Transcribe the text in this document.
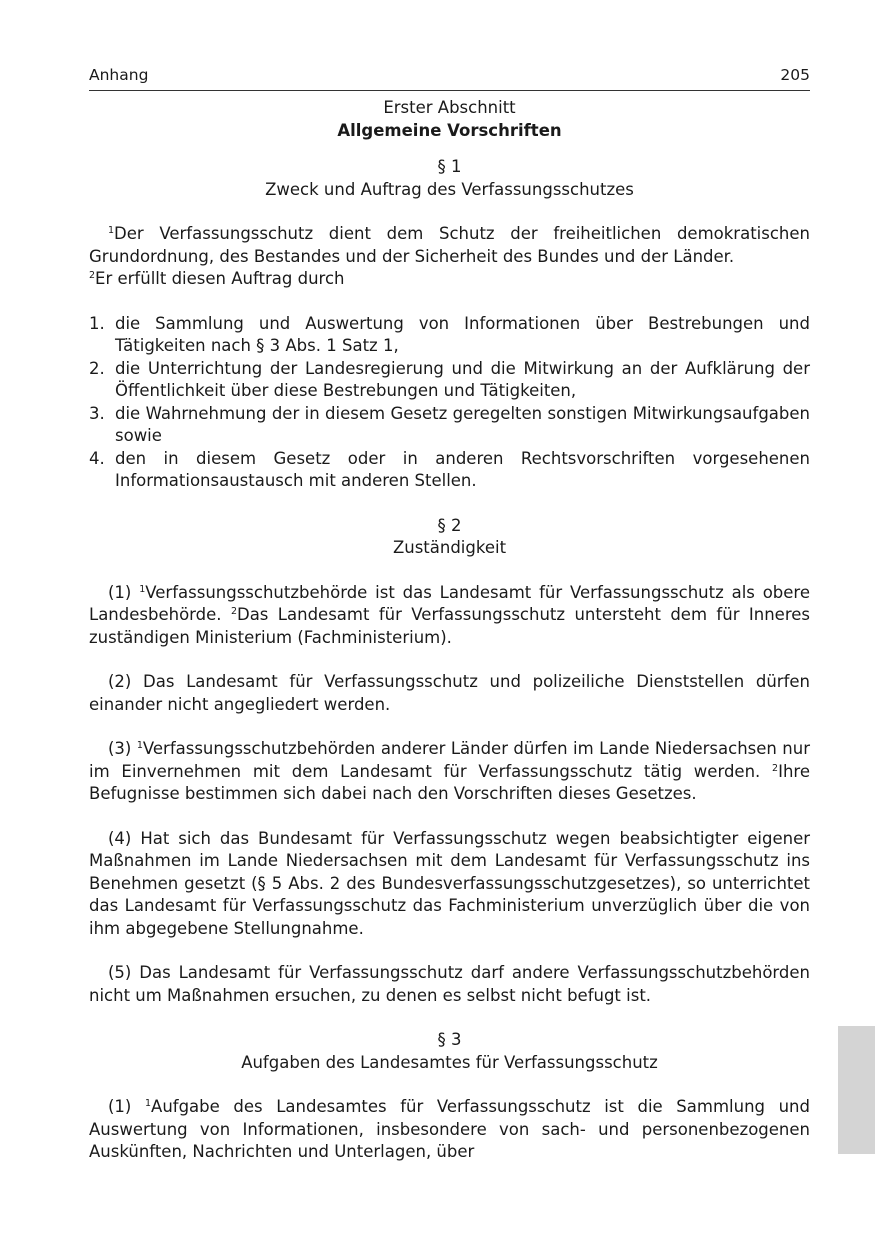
Anhang	205

Erster Abschnitt

Allgemeine Vorschriften

§ 1

Zweck und Auftrag des Verfassungsschutzes

$^1$Der Verfassungsschutz dient dem Schutz der freiheitlichen demokratischen Grundordnung, des Bestandes und der Sicherheit des Bundes und der Länder.

$^2$Er erfüllt diesen Auftrag durch

1. die Sammlung und Auswertung von Informationen über Bestrebungen und Tätigkeiten nach § 3 Abs. 1 Satz 1,
2. die Unterrichtung der Landesregierung und die Mitwirkung an der Aufklärung der Öffentlichkeit über diese Bestrebungen und Tätigkeiten,
3. die Wahrnehmung der in diesem Gesetz geregelten sonstigen Mitwirkungsaufgaben sowie
4. den in diesem Gesetz oder in anderen Rechtsvorschriften vorgesehenen Informationsaustausch mit anderen Stellen.

§ 2

Zuständigkeit

(1) $^1$Verfassungsschutzbehörde ist das Landesamt für Verfassungsschutz als obere Landesbehörde. $^2$Das Landesamt für Verfassungsschutz untersteht dem für Inneres zuständigen Ministerium (Fachministerium).

(2) Das Landesamt für Verfassungsschutz und polizeiliche Dienststellen dürfen einander nicht angegliedert werden.

(3) $^1$Verfassungsschutzbehörden anderer Länder dürfen im Lande Niedersachsen nur im Einvernehmen mit dem Landesamt für Verfassungsschutz tätig werden. $^2$Ihre Befugnisse bestimmen sich dabei nach den Vorschriften dieses Gesetzes.

(4) Hat sich das Bundesamt für Verfassungsschutz wegen beabsichtigter eigener Maßnahmen im Lande Niedersachsen mit dem Landesamt für Verfassungsschutz ins Benehmen gesetzt (§ 5 Abs. 2 des Bundesverfassungsschutzgesetzes), so unterrichtet das Landesamt für Verfassungsschutz das Fachministerium unverzüglich über die von ihm abgegebene Stellungnahme.

(5) Das Landesamt für Verfassungsschutz darf andere Verfassungsschutzbehörden nicht um Maßnahmen ersuchen, zu denen es selbst nicht befugt ist.

§ 3

Aufgaben des Landesamtes für Verfassungsschutz

(1) $^1$Aufgabe des Landesamtes für Verfassungsschutz ist die Sammlung und Auswertung von Informationen, insbesondere von sach- und personenbezogenen Auskünften, Nachrichten und Unterlagen, über
